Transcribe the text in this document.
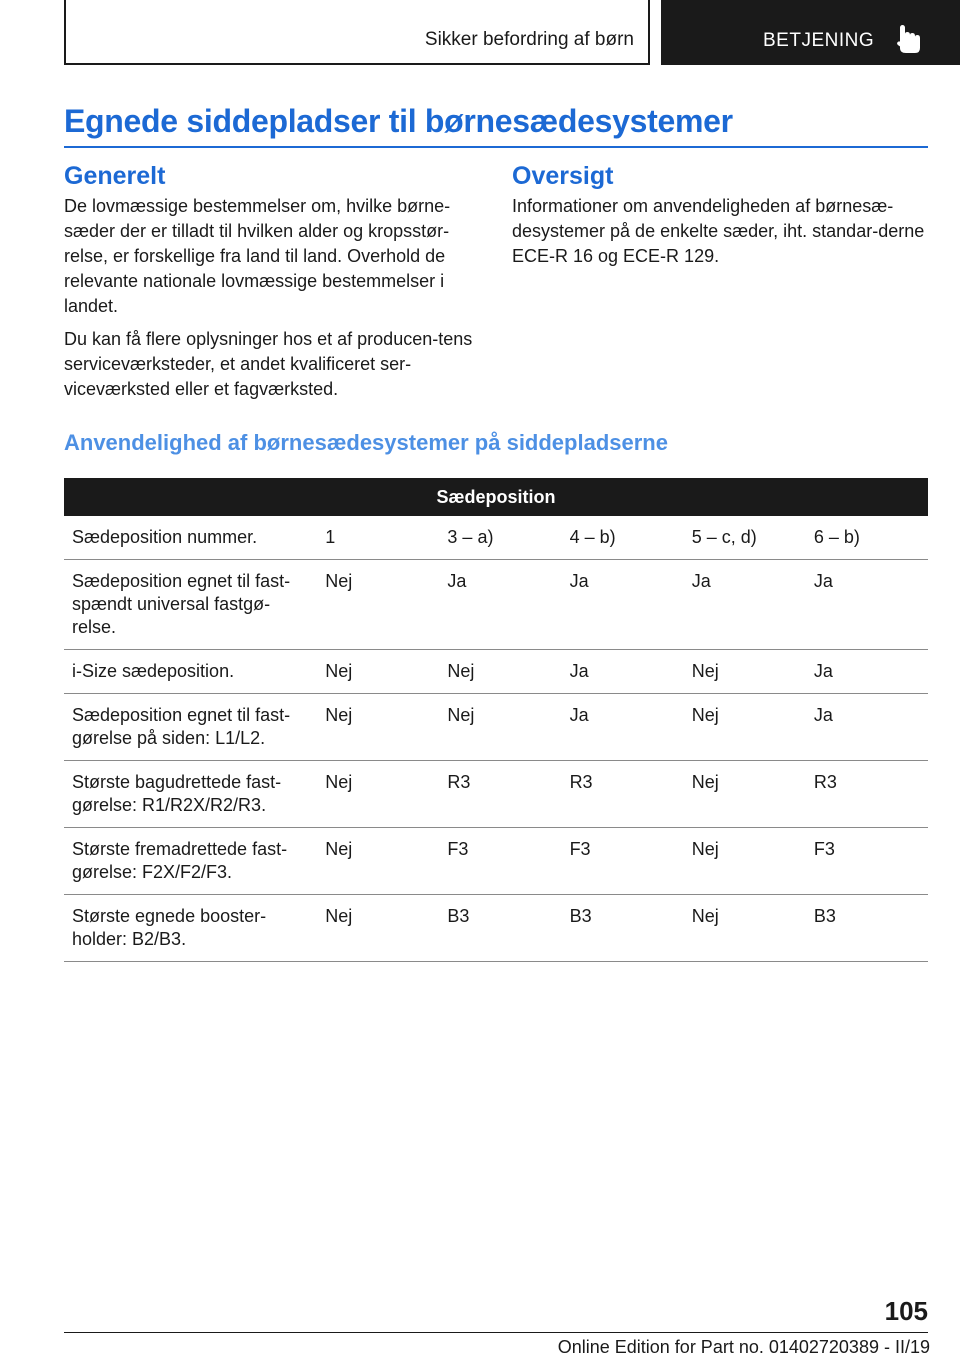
Sikker befordring af børn	BETJENING
Egnede siddepladser til børnesædesystemer
Generelt

De lovmæssige bestemmelser om, hvilke børne-sæder der er tilladt til hvilken alder og kropsstør-relse, er forskellige fra land til land. Overhold de relevante nationale lovmæssige bestemmelser i landet.

Du kan få flere oplysninger hos et af producen-tens serviceværksteder, et andet kvalificeret ser-viceværksted eller et fagværksted.

Oversigt

Informationer om anvendeligheden af børnesæ-desystemer på de enkelte sæder, iht. standar-derne ECE-R 16 og ECE-R 129.

Anvendelighed af børnesædesystemer på siddepladserne
Sædeposition					
Sædeposition nummer.	1	3 – a)	4 – b)	5 – c, d)	6 – b)
Sædeposition egnet til fast-spændt universal fastgø-relse.	Nej	Ja	Ja	Ja	Ja
i-Size sædeposition.	Nej	Nej	Ja	Nej	Ja
Sædeposition egnet til fast-gørelse på siden: L1/L2.	Nej	Nej	Ja	Nej	Ja
Største bagudrettede fast-gørelse: R1/R2X/R2/R3.	Nej	R3	R3	Nej	R3
Største fremadrettede fast-gørelse: F2X/F2/F3.	Nej	F3	F3	Nej	F3
Største egnede booster-holder: B2/B3.	Nej	B3	B3	Nej	B3
105
Online Edition for Part no. 01402720389 - II/19
